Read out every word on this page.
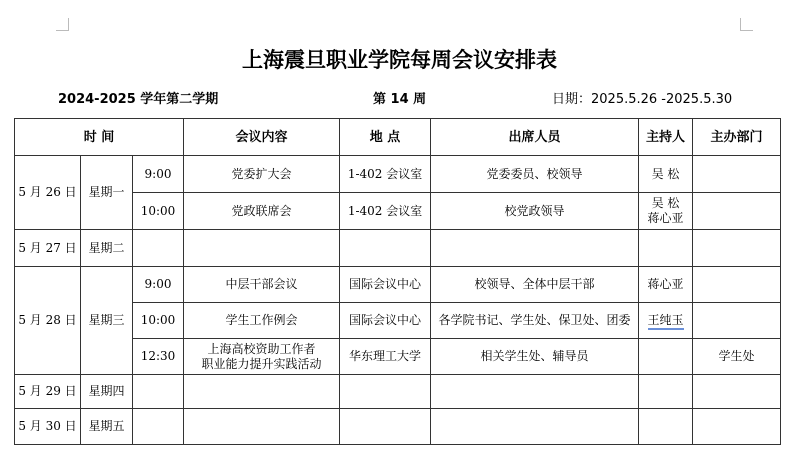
上海震旦职业学院每周会议安排表
2024-2025 学年第二学期	第 14 周	日期：2025.5.26 -2025.5.30
时 间			会议内容	地 点	出席人员	主持人	主办部门
5 月 26 日	星期一	9:00	党委扩大会	1-402 会议室	党委委员、校领导	吴 松	
		10:00	党政联席会	1-402 会议室	校党政领导	吴 松
蒋心亚	

5 月 27 日	星期二						
5 月 28 日	星期三	9:00	中层干部会议	国际会议中心	校领导、全体中层干部	蒋心亚	
		10:00	学生工作例会	国际会议中心	各学院书记、学生处、保卫处、团委	王纯玉	
		12:30	上海高校资助工作者
职业能力提升实践活动	华东理工大学	相关学生处、辅导员		学生处
5 月 29 日	星期四						
5 月 30 日	星期五						
